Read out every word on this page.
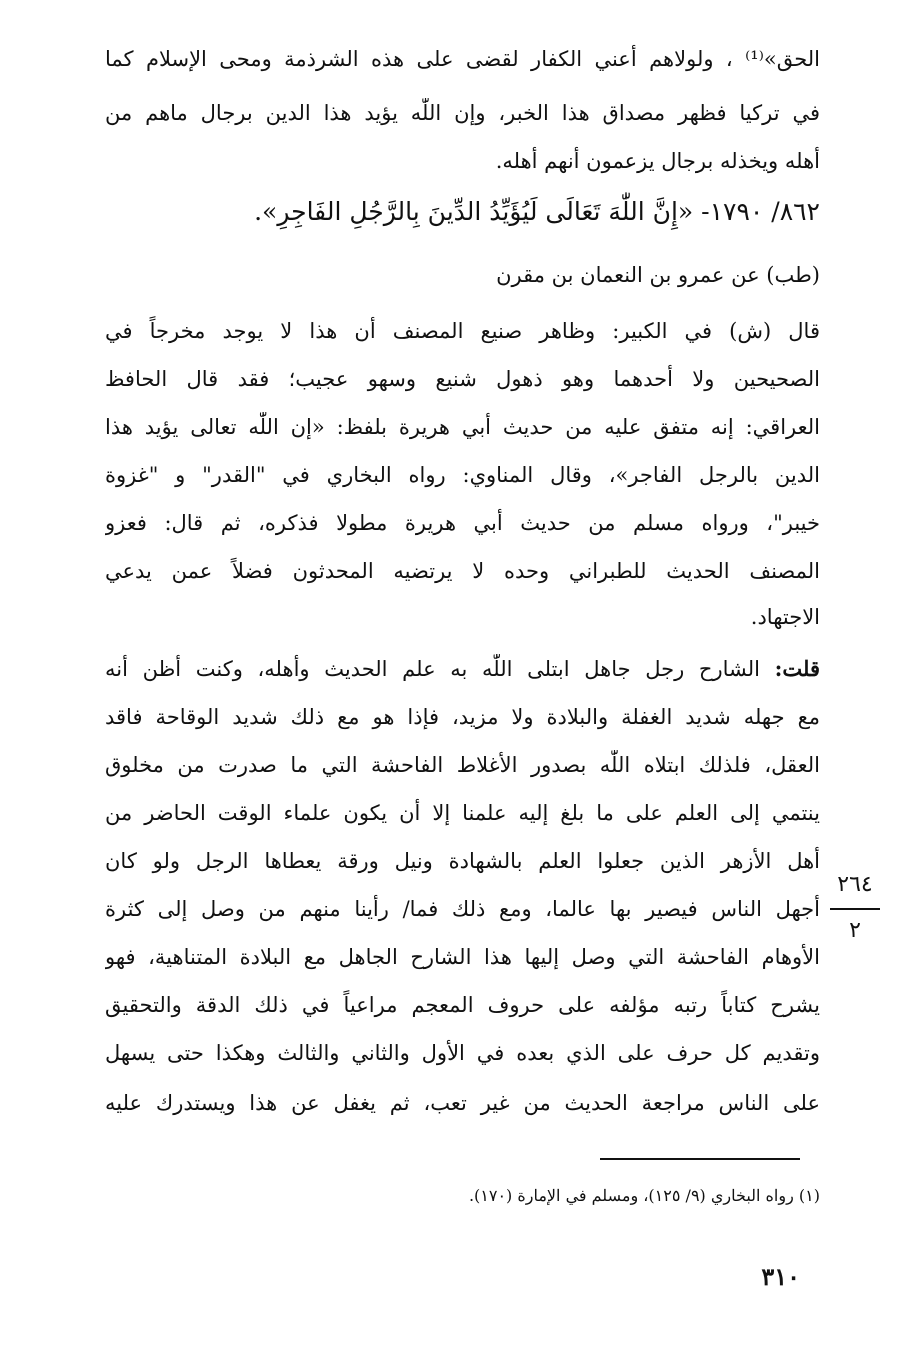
الحق»⁽¹⁾ ، ولولاهم أعني الكفار لقضى على هذه الشرذمة ومحى الإسلام كما
في تركيا فظهر مصداق هذا الخبر، وإن اللّٰه يؤيد هذا الدين برجال ماهم من
أهله ويخذله برجال يزعمون أنهم أهله.
٨٦٢/ ١٧٩٠- «إِنَّ اللّٰهَ تَعَالَى لَيُؤَيِّدُ الدِّينَ بِالرَّجُلِ الفَاجِرِ».
(طب) عن عمرو بن النعمان بن مقرن
قال (ش) في الكبير: وظاهر صنيع المصنف أن هذا لا يوجد مخرجاً في
الصحيحين ولا أحدهما وهو ذهول شنيع وسهو عجيب؛ فقد قال الحافظ
العراقي: إنه متفق عليه من حديث أبي هريرة بلفظ: «إن اللّٰه تعالى يؤيد هذا
الدين بالرجل الفاجر»، وقال المناوي: رواه البخاري في "القدر" و "غزوة
خيبر"، ورواه مسلم من حديث أبي هريرة مطولا فذكره، ثم قال: فعزو
المصنف الحديث للطبراني وحده لا يرتضيه المحدثون فضلاً عمن يدعي
الاجتهاد.
قلت: الشارح رجل جاهل ابتلى اللّٰه به علم الحديث وأهله، وكنت أظن أنه
مع جهله شديد الغفلة والبلادة ولا مزيد، فإذا هو مع ذلك شديد الوقاحة فاقد
العقل، فلذلك ابتلاه اللّٰه بصدور الأغلاط الفاحشة التي ما صدرت من مخلوق
ينتمي إلى العلم على ما بلغ إليه علمنا إلا أن يكون علماء الوقت الحاضر من
أهل الأزهر الذين جعلوا العلم بالشهادة ونيل ورقة يعطاها الرجل ولو كان
أجهل الناس فيصير بها عالما، ومع ذلك فما/ رأينا منهم من وصل إلى كثرة
الأوهام الفاحشة التي وصل إليها هذا الشارح الجاهل مع البلادة المتناهية، فهو
يشرح كتاباً رتبه مؤلفه على حروف المعجم مراعياً في ذلك الدقة والتحقيق
وتقديم كل حرف على الذي بعده في الأول والثاني والثالث وهكذا حتى يسهل
على الناس مراجعة الحديث من غير تعب، ثم يغفل عن هذا ويستدرك عليه
٢٦٤
٢
(١) رواه البخاري (٩/ ١٢٥)، ومسلم في الإمارة (١٧٠).
٣١٠
